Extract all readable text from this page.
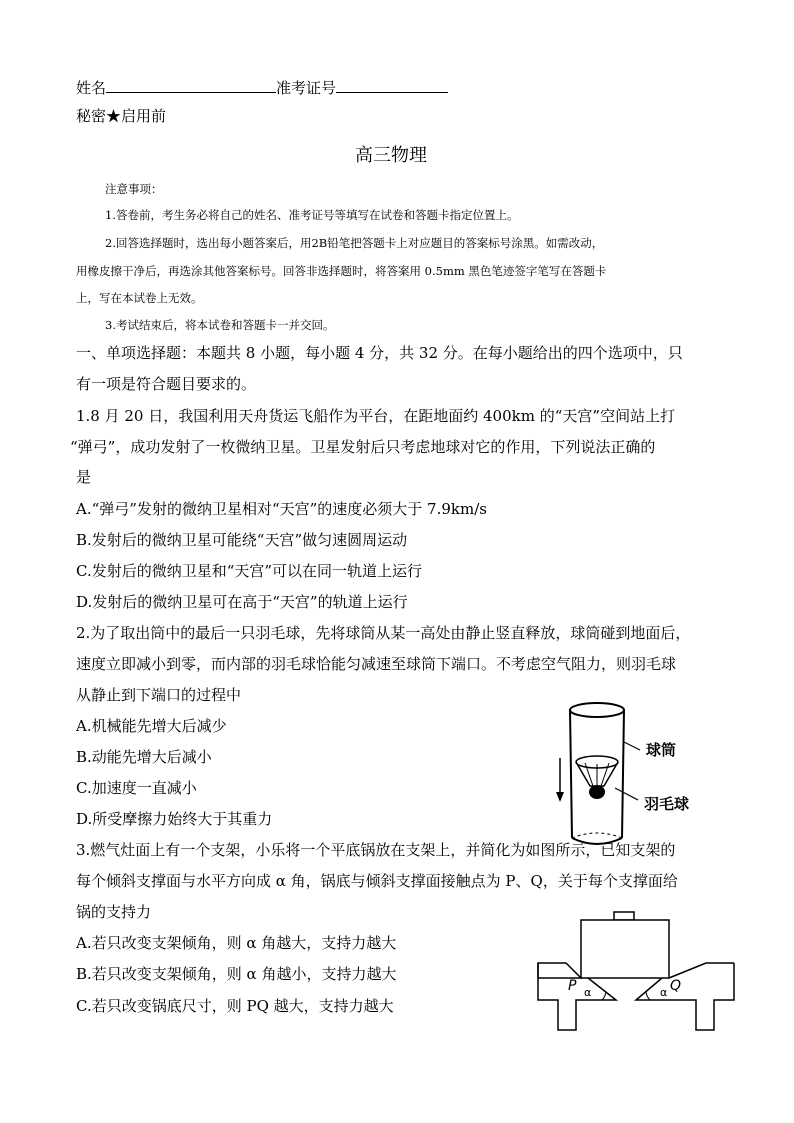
姓名	准考证号
秘密★启用前
高三物理
注意事项：
1.答卷前，考生务必将自己的姓名、准考证号等填写在试卷和答题卡指定位置上。
2.回答选择题时，选出每小题答案后，用2B铅笔把答题卡上对应题目的答案标号涂黑。如需改动，
用橡皮擦干净后，再选涂其他答案标号。回答非选择题时，将答案用 0.5mm 黑色笔迹签字笔写在答题卡
上，写在本试卷上无效。
3.考试结束后，将本试卷和答题卡一并交回。
一、单项选择题：本题共 8 小题，每小题 4 分，共 32 分。在每小题给出的四个选项中，只
有一项是符合题目要求的。
1.8 月 20 日，我国利用天舟货运飞船作为平台，在距地面约 400km 的“天宫”空间站上打
“弹弓”，成功发射了一枚微纳卫星。卫星发射后只考虑地球对它的作用，下列说法正确的
是
A.“弹弓”发射的微纳卫星相对“天宫”的速度必须大于 7.9km/s
B.发射后的微纳卫星可能绕“天宫”做匀速圆周运动
C.发射后的微纳卫星和“天宫”可以在同一轨道上运行
D.发射后的微纳卫星可在高于“天宫”的轨道上运行
2.为了取出筒中的最后一只羽毛球，先将球筒从某一高处由静止竖直释放，球筒碰到地面后，
速度立即减小到零，而内部的羽毛球恰能匀减速至球筒下端口。不考虑空气阻力，则羽毛球
从静止到下端口的过程中
A.机械能先增大后减少
B.动能先增大后减小
C.加速度一直减小
D.所受摩擦力始终大于其重力
球筒
羽毛球
3.燃气灶面上有一个支架，小乐将一个平底锅放在支架上，并简化为如图所示，已知支架的
每个倾斜支撑面与水平方向成 α 角，锅底与倾斜支撑面接触点为 P、Q，关于每个支撑面给
锅的支持力
A.若只改变支架倾角，则 α 角越大，支持力越大
B.若只改变支架倾角，则 α 角越小，支持力越大
C.若只改变锅底尺寸，则 PQ 越大，支持力越大
P α	α Q
